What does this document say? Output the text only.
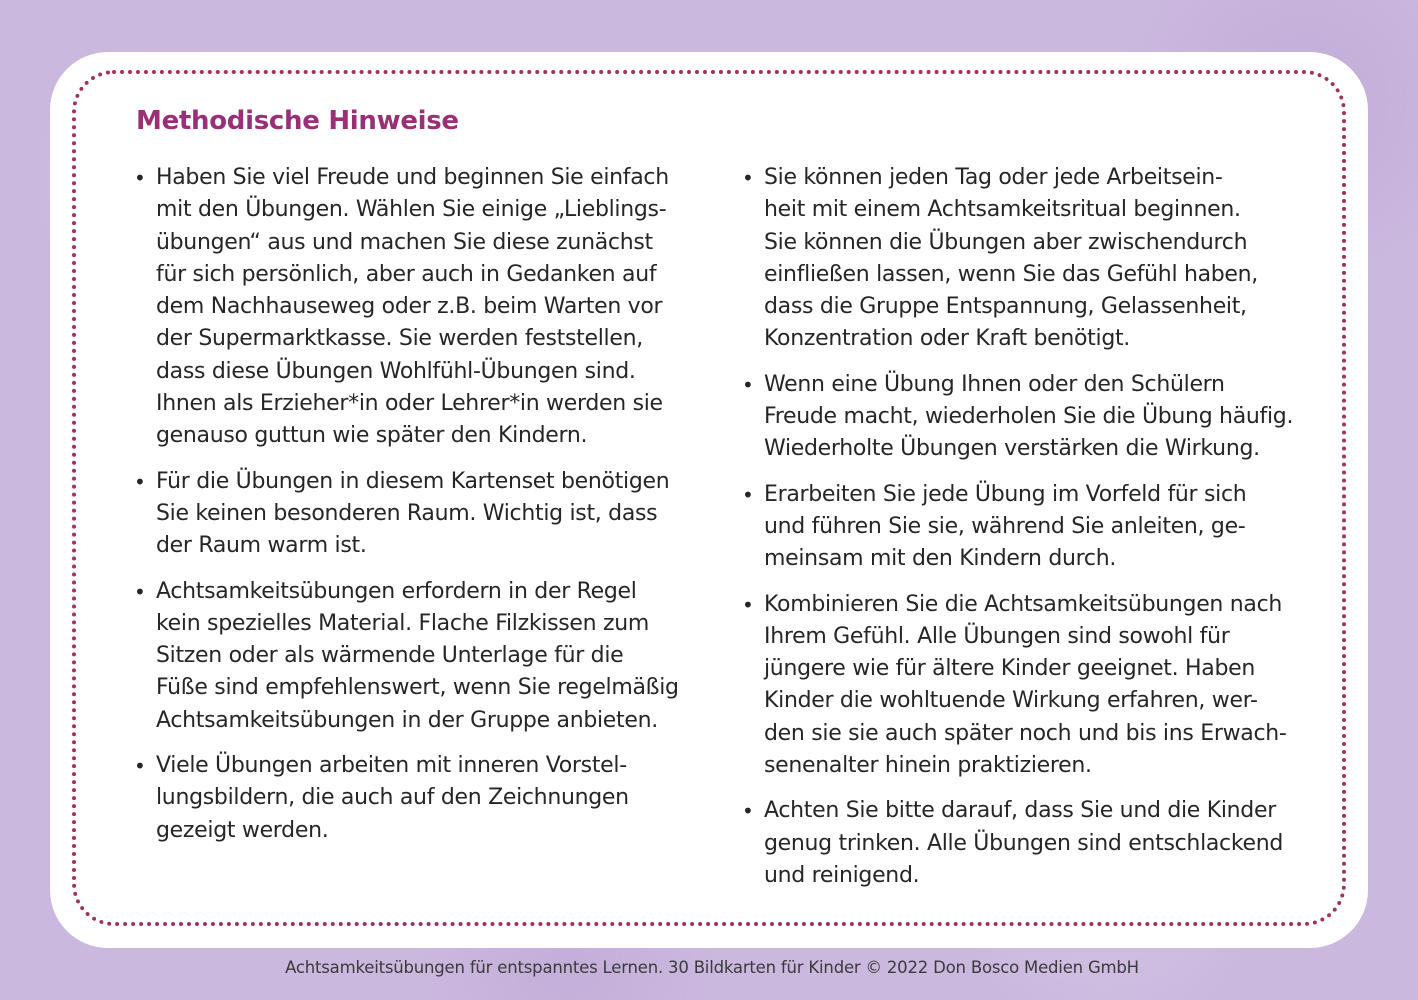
Methodische Hinweise
• Haben Sie viel Freude und beginnen Sie einfach
mit den Übungen. Wählen Sie einige „Lieblings-
übungen“ aus und machen Sie diese zunächst
für sich persönlich, aber auch in Gedanken auf
dem Nachhauseweg oder z.B. beim Warten vor
der Supermarktkasse. Sie werden feststellen,
dass diese Übungen Wohlfühl-Übungen sind.
Ihnen als Erzieher*in oder Lehrer*in werden sie
genauso guttun wie später den Kindern.
• Für die Übungen in diesem Kartenset benötigen
Sie keinen besonderen Raum. Wichtig ist, dass
der Raum warm ist.
• Achtsamkeitsübungen erfordern in der Regel
kein spezielles Material. Flache Filzkissen zum
Sitzen oder als wärmende Unterlage für die
Füße sind empfehlenswert, wenn Sie regelmäßig
Achtsamkeitsübungen in der Gruppe anbieten.
• Viele Übungen arbeiten mit inneren Vorstel-
lungsbildern, die auch auf den Zeichnungen
gezeigt werden.
• Sie können jeden Tag oder jede Arbeitsein-
heit mit einem Achtsamkeitsritual beginnen.
Sie können die Übungen aber zwischendurch
einfließen lassen, wenn Sie das Gefühl haben,
dass die Gruppe Entspannung, Gelassenheit,
Konzentration oder Kraft benötigt.
• Wenn eine Übung Ihnen oder den Schülern
Freude macht, wiederholen Sie die Übung häufig.
Wiederholte Übungen verstärken die Wirkung.
• Erarbeiten Sie jede Übung im Vorfeld für sich
und führen Sie sie, während Sie anleiten, ge-
meinsam mit den Kindern durch.
• Kombinieren Sie die Achtsamkeitsübungen nach
Ihrem Gefühl. Alle Übungen sind sowohl für
jüngere wie für ältere Kinder geeignet. Haben
Kinder die wohltuende Wirkung erfahren, wer-
den sie sie auch später noch und bis ins Erwach-
senenalter hinein praktizieren.
• Achten Sie bitte darauf, dass Sie und die Kinder
genug trinken. Alle Übungen sind entschlackend
und reinigend.
Achtsamkeitsübungen für entspanntes Lernen. 30 Bildkarten für Kinder © 2022 Don Bosco Medien GmbH
